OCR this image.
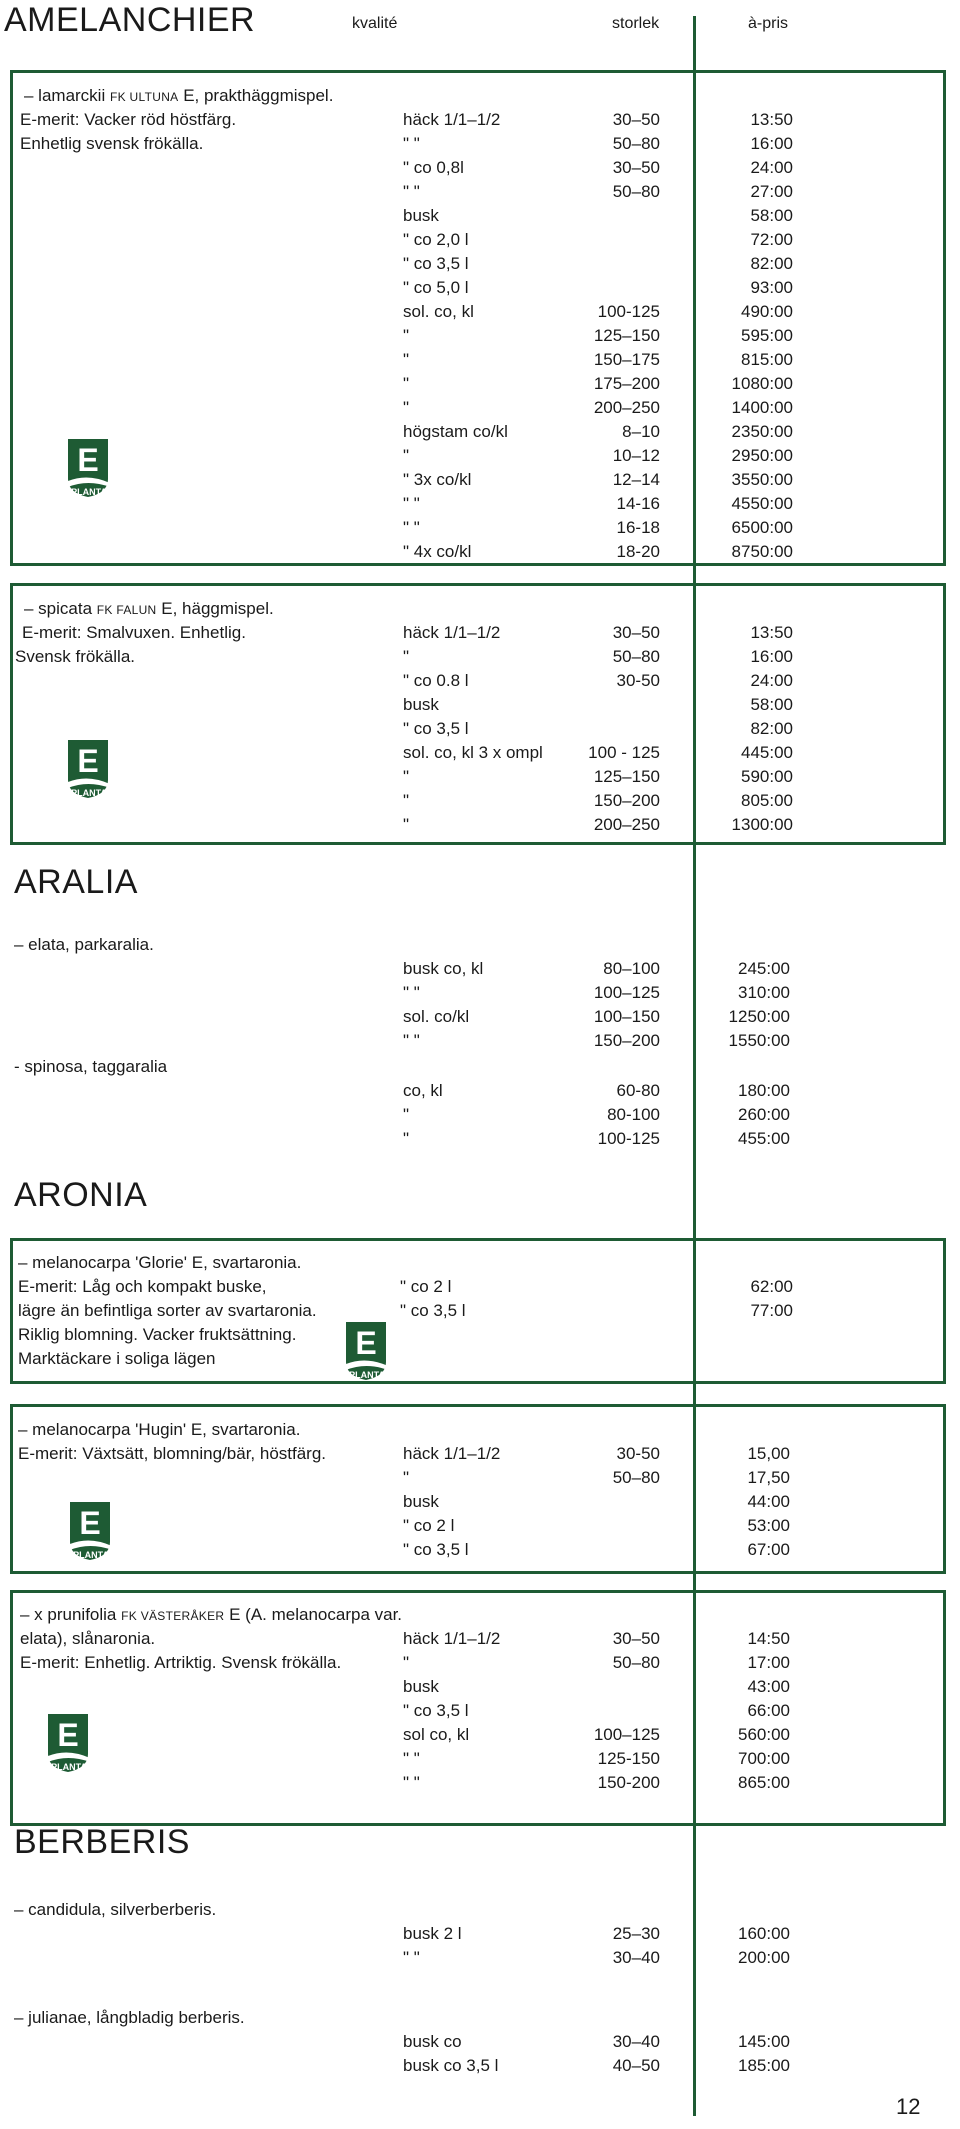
AMELANCHIER	kvalité	storlek	à-pris
– lamarckii FK ULTUNA E, prakthäggmispel.
E-merit: Vacker röd höstfärg.
Enhetlig svensk frökälla.
häck 1/1–1/2	30–50	13:50
" "	50–80	16:00
" co 0,8l	30–50	24:00
" "	50–80	27:00
busk	58:00
" co 2,0 l	72:00
" co 3,5 l	82:00
" co 5,0 l	93:00
sol. co, kl	100-125	490:00
"	125–150	595:00
"	150–175	815:00
"	175–200	1080:00
"	200–250	1400:00
högstam co/kl	8–10	2350:00
"	10–12	2950:00
" 3x co/kl	12–14	3550:00
" "	14-16	4550:00
" "	16-18	6500:00
" 4x co/kl	18-20	8750:00
E
PLANTA
– spicata FK FALUN E, häggmispel.
E-merit: Smalvuxen. Enhetlig.
Svensk frökälla.
häck 1/1–1/2	30–50	13:50
"	50–80	16:00
" co 0.8 l	30-50	24:00
busk	58:00
" co 3,5 l	82:00
sol. co, kl 3 x ompl	100 - 125	445:00
"	125–150	590:00
"	150–200	805:00
"	200–250	1300:00
E
PLANTA
ARALIA
– elata, parkaralia.
busk co, kl	80–100	245:00
" "	100–125	310:00
sol. co/kl	100–150	1250:00
" "	150–200	1550:00
- spinosa, taggaralia
co, kl	60-80	180:00
"	80-100	260:00
"	100-125	455:00
ARONIA
– melanocarpa 'Glorie' E, svartaronia.
E-merit: Låg och kompakt buske,
lägre än befintliga sorter av svartaronia.
Riklig blomning. Vacker fruktsättning.
Marktäckare i soliga lägen
" co 2 l	62:00
" co 3,5 l	77:00
E
PLANTA
– melanocarpa 'Hugin' E, svartaronia.
E-merit: Växtsätt, blomning/bär, höstfärg.	häck 1/1–1/2	30-50	15,00
"	50–80	17,50
busk	44:00
" co 2 l	53:00
" co 3,5 l	67:00
E
PLANTA
– x prunifolia FK VÄSTERÅKER E (A. melanocarpa var.
elata), slånaronia.
E-merit: Enhetlig. Artriktig. Svensk frökälla.
häck 1/1–1/2	30–50	14:50
"	50–80	17:00
busk	43:00
" co 3,5 l	66:00
sol co, kl	100–125	560:00
" "	125-150	700:00
" "	150-200	865:00
E
PLANTA
BERBERIS
– candidula, silverberberis.
busk 2 l	25–30	160:00
" "	30–40	200:00
– julianae, långbladig berberis.
busk co	30–40	145:00
busk co 3,5 l	40–50	185:00
12
